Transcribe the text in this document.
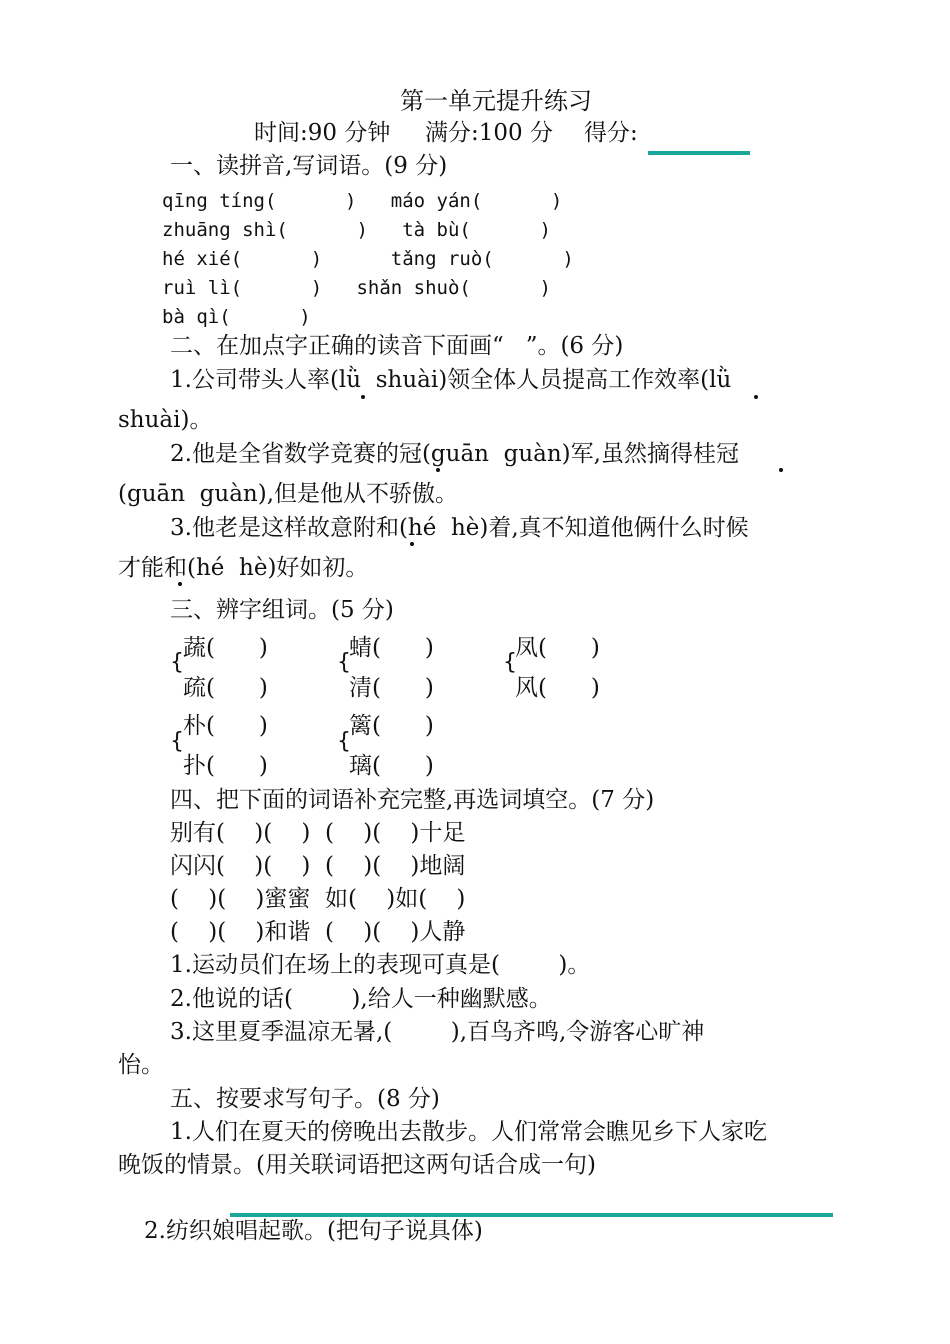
第一单元提升练习
时间:90 分钟 满分:100 分 得分:
一、读拼音,写词语。(9 分)
qīng tíng(      )   máo yán(      )
zhuāng shì(      )   tà bù(      )
hé xié(      )      tǎng ruò(      )
ruì lì(      )   shǎn shuò(      )
bà qì(      )
二、在加点字正确的读音下面画“   ”。(6 分)
1.公司带头人率(lǜ  shuài)领全体人员提高工作效率(lǜ
shuài)。
2.他是全省数学竞赛的冠(guān  guàn)军,虽然摘得桂冠
(guān  guàn),但是他从不骄傲。
3.他老是这样故意附和(hé  hè)着,真不知道他俩什么时候
才能和(hé  hè)好如初。
三、辨字组词。(5 分)
{	{	{
蔬(      )	蜻(      )	凤(      )
疏(      )	清(      )	风(      )
{	{
朴(      )	篱(      )
扑(      )	璃(      )
四、把下面的词语补充完整,再选词填空。(7 分)
别有(    )(    )  (    )(    )十足
闪闪(    )(    )  (    )(    )地阔
(    )(    )蜜蜜  如(    )如(    )
(    )(    )和谐  (    )(    )人静
1.运动员们在场上的表现可真是(        )。
2.他说的话(        ),给人一种幽默感。
3.这里夏季温凉无暑,(        ),百鸟齐鸣,令游客心旷神
怡。
五、按要求写句子。(8 分)
1.人们在夏天的傍晚出去散步。人们常常会瞧见乡下人家吃
晚饭的情景。(用关联词语把这两句话合成一句)
2.纺织娘唱起歌。(把句子说具体)
